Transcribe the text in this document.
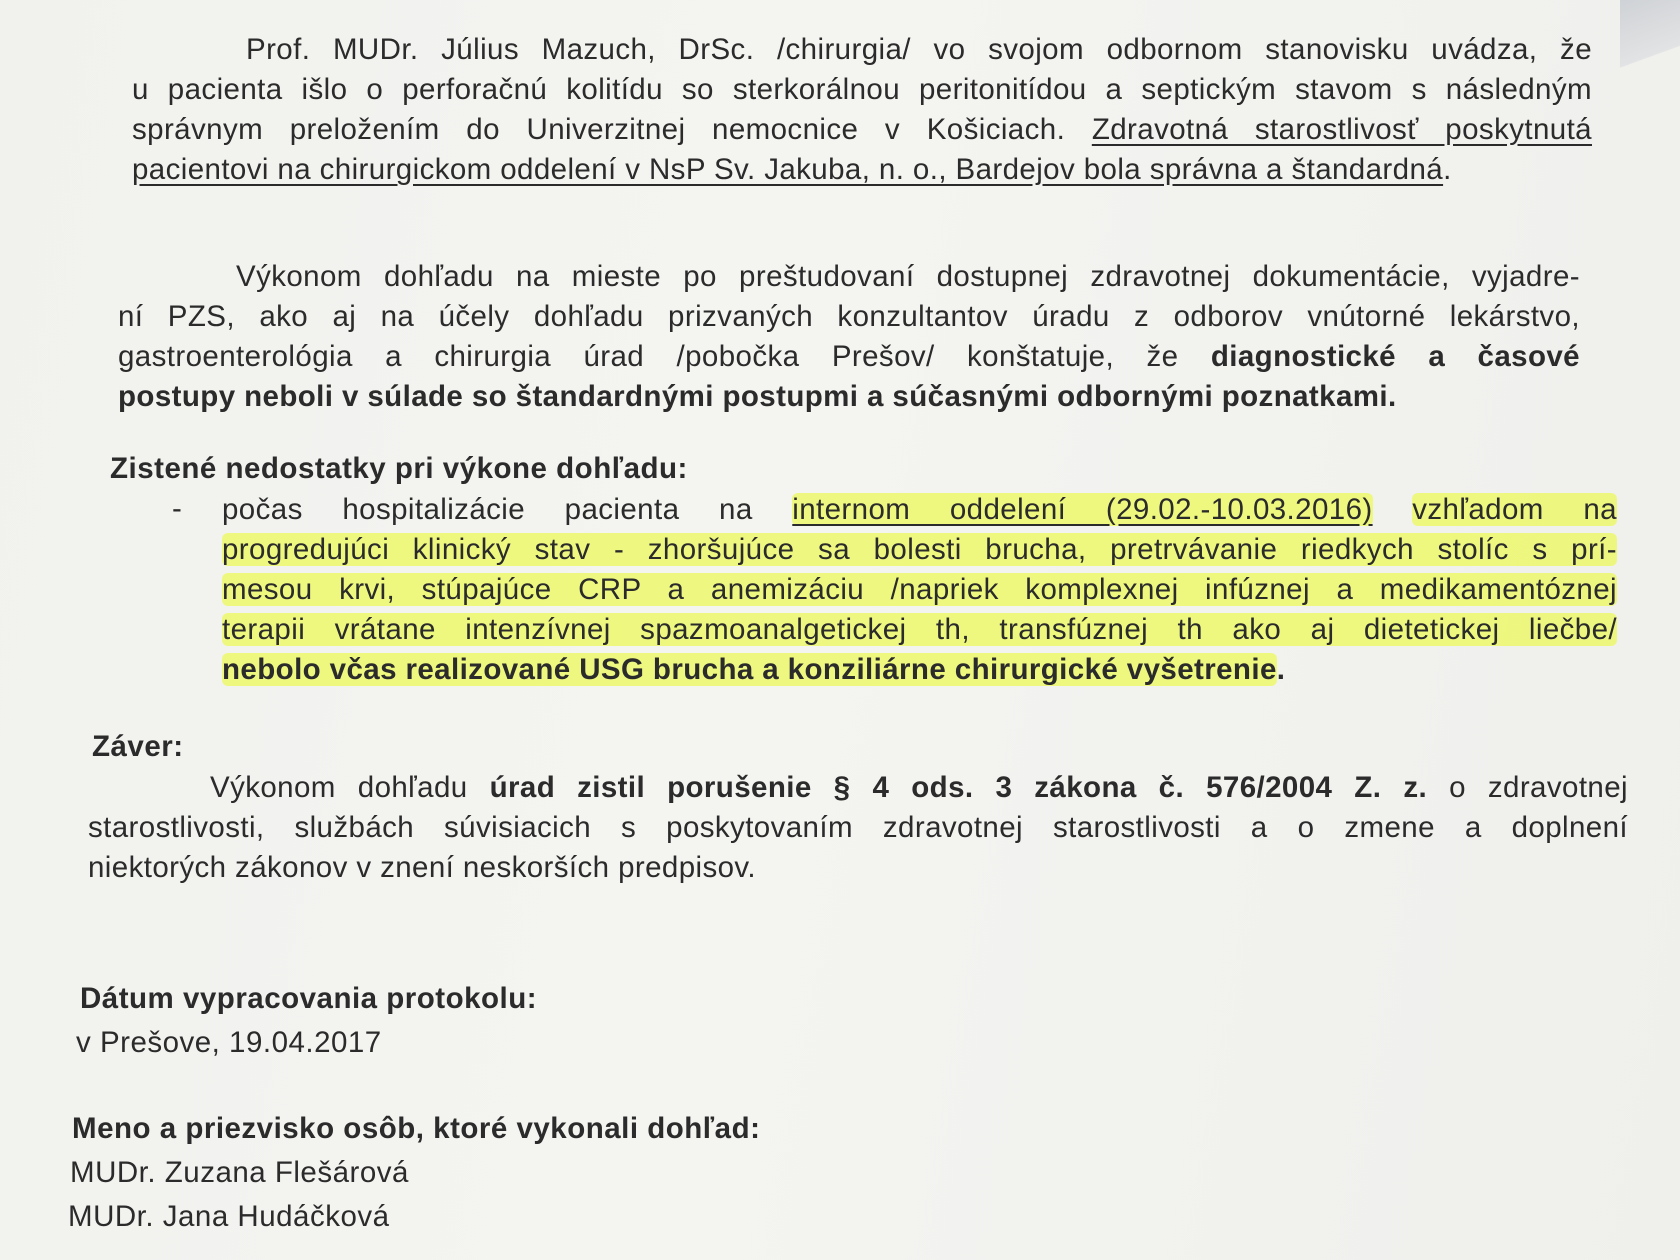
Prof. MUDr. Július Mazuch, DrSc. /chirurgia/ vo svojom odbornom stanovisku uvádza, že
u pacienta išlo o perforačnú kolitídu so sterkorálnou peritonitídou a septickým stavom s následným
správnym preložením do Univerzitnej nemocnice v Košiciach. Zdravotná starostlivosť poskytnutá
pacientovi na chirurgickom oddelení v NsP Sv. Jakuba, n. o., Bardejov bola správna a štandardná.
Výkonom dohľadu na mieste po preštudovaní dostupnej zdravotnej dokumentácie, vyjadre-
ní PZS, ako aj na účely dohľadu prizvaných konzultantov úradu z odborov vnútorné lekárstvo,
gastroenterológia a chirurgia úrad /pobočka Prešov/ konštatuje, že diagnostické a časové
postupy neboli v súlade so štandardnými postupmi a súčasnými odbornými poznatkami.
Zistené nedostatky pri výkone dohľadu:
- počas hospitalizácie pacienta na internom oddelení (29.02.-10.03.2016) vzhľadom na
progredujúci klinický stav - zhoršujúce sa bolesti brucha, pretrvávanie riedkych stolíc s prí-
mesou krvi, stúpajúce CRP a anemizáciu /napriek komplexnej infúznej a medikamentóznej
terapii vrátane intenzívnej spazmoanalgetickej th, transfúznej th ako aj dietetickej liečbe/
nebolo včas realizované USG brucha a konziliárne chirurgické vyšetrenie.
Záver:
Výkonom dohľadu úrad zistil porušenie § 4 ods. 3 zákona č. 576/2004 Z. z. o zdravotnej
starostlivosti, službách súvisiacich s poskytovaním zdravotnej starostlivosti a o zmene a doplnení
niektorých zákonov v znení neskorších predpisov.
Dátum vypracovania protokolu:
v Prešove, 19.04.2017
Meno a priezvisko osôb, ktoré vykonali dohľad:
MUDr. Zuzana Flešárová
MUDr. Jana Hudáčková
